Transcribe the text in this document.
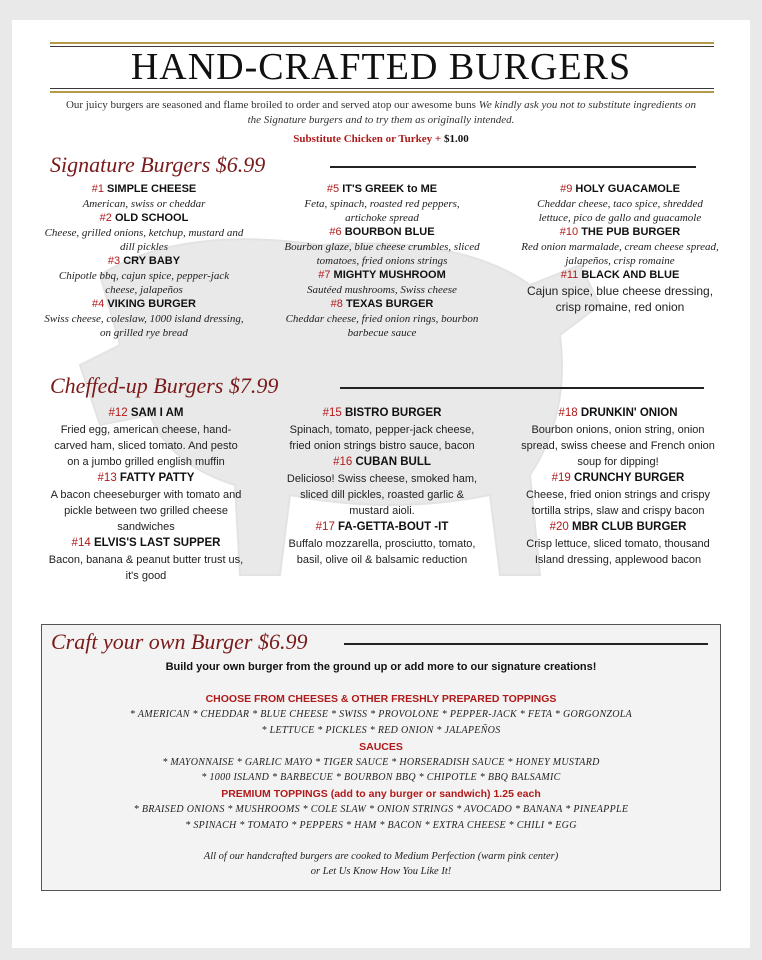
HAND-CRAFTED BURGERS
Our juicy burgers are seasoned and flame broiled to order and served atop our awesome buns We kindly ask you not to substitute ingredients on the Signature burgers and to try them as originally intended.
Substitute Chicken or Turkey + $1.00
Signature Burgers $6.99
#1 SIMPLE CHEESE
American, swiss or cheddar
#2 OLD SCHOOL
Cheese, grilled onions, ketchup, mustard and dill pickles
#3 CRY BABY
Chipotle bbq, cajun spice, pepper-jack cheese, jalapeños
#4 VIKING BURGER
Swiss cheese, coleslaw, 1000 island dressing, on grilled rye bread
#5 IT'S GREEK to ME
Feta, spinach, roasted red peppers, artichoke spread
#6 BOURBON BLUE
Bourbon glaze, blue cheese crumbles, sliced tomatoes, fried onions strings
#7 MIGHTY MUSHROOM
Sautéed mushrooms, Swiss cheese
#8 TEXAS BURGER
Cheddar cheese, fried onion rings, bourbon barbecue sauce
#9 HOLY GUACAMOLE
Cheddar cheese, taco spice, shredded lettuce, pico de gallo and guacamole
#10 THE PUB BURGER
Red onion marmalade, cream cheese spread, jalapeños, crisp romaine
#11 BLACK AND BLUE
Cajun spice, blue cheese dressing, crisp romaine, red onion
Cheffed-up Burgers $7.99
#12 SAM I AM
Fried egg, american cheese, hand-carved ham, sliced tomato. And pesto on a jumbo grilled english muffin
#13 FATTY PATTY
A bacon cheeseburger with tomato and pickle between two grilled cheese sandwiches
#14 ELVIS'S LAST SUPPER
Bacon, banana & peanut butter trust us, it's good
#15 BISTRO BURGER
Spinach, tomato, pepper-jack cheese, fried onion strings bistro sauce, bacon
#16 CUBAN BULL
Delicioso! Swiss cheese, smoked ham, sliced dill pickles, roasted garlic & mustard aioli.
#17 FA-GETTA-BOUT -IT
Buffalo mozzarella, prosciutto, tomato, basil, olive oil & balsamic reduction
#18 DRUNKIN' ONION
Bourbon onions, onion string, onion spread, swiss cheese and French onion soup for dipping!
#19 CRUNCHY BURGER
Cheese, fried onion strings and crispy tortilla strips, slaw and crispy bacon
#20 MBR CLUB BURGER
Crisp lettuce, sliced tomato, thousand Island dressing, applewood bacon
Craft your own Burger $6.99
Build your own burger from the ground up or add more to our signature creations!
CHOOSE FROM CHEESES & OTHER FRESHLY PREPARED TOPPINGS
* AMERICAN * CHEDDAR * BLUE CHEESE * SWISS * PROVOLONE * PEPPER-JACK * FETA * GORGONZOLA
* LETTUCE * PICKLES * RED ONION * JALAPEÑOS
SAUCES
* MAYONNAISE * GARLIC MAYO * TIGER SAUCE * HORSERADISH SAUCE * HONEY MUSTARD
* 1000 ISLAND * BARBECUE * BOURBON BBQ * CHIPOTLE * BBQ BALSAMIC
PREMIUM TOPPINGS (add to any burger or sandwich) 1.25 each
* BRAISED ONIONS * MUSHROOMS * COLE SLAW * ONION STRINGS * AVOCADO * BANANA * PINEAPPLE
* SPINACH * TOMATO * PEPPERS * HAM * BACON * EXTRA CHEESE * CHILI * EGG
All of our handcrafted burgers are cooked to Medium Perfection (warm pink center)
or Let Us Know How You Like It!
